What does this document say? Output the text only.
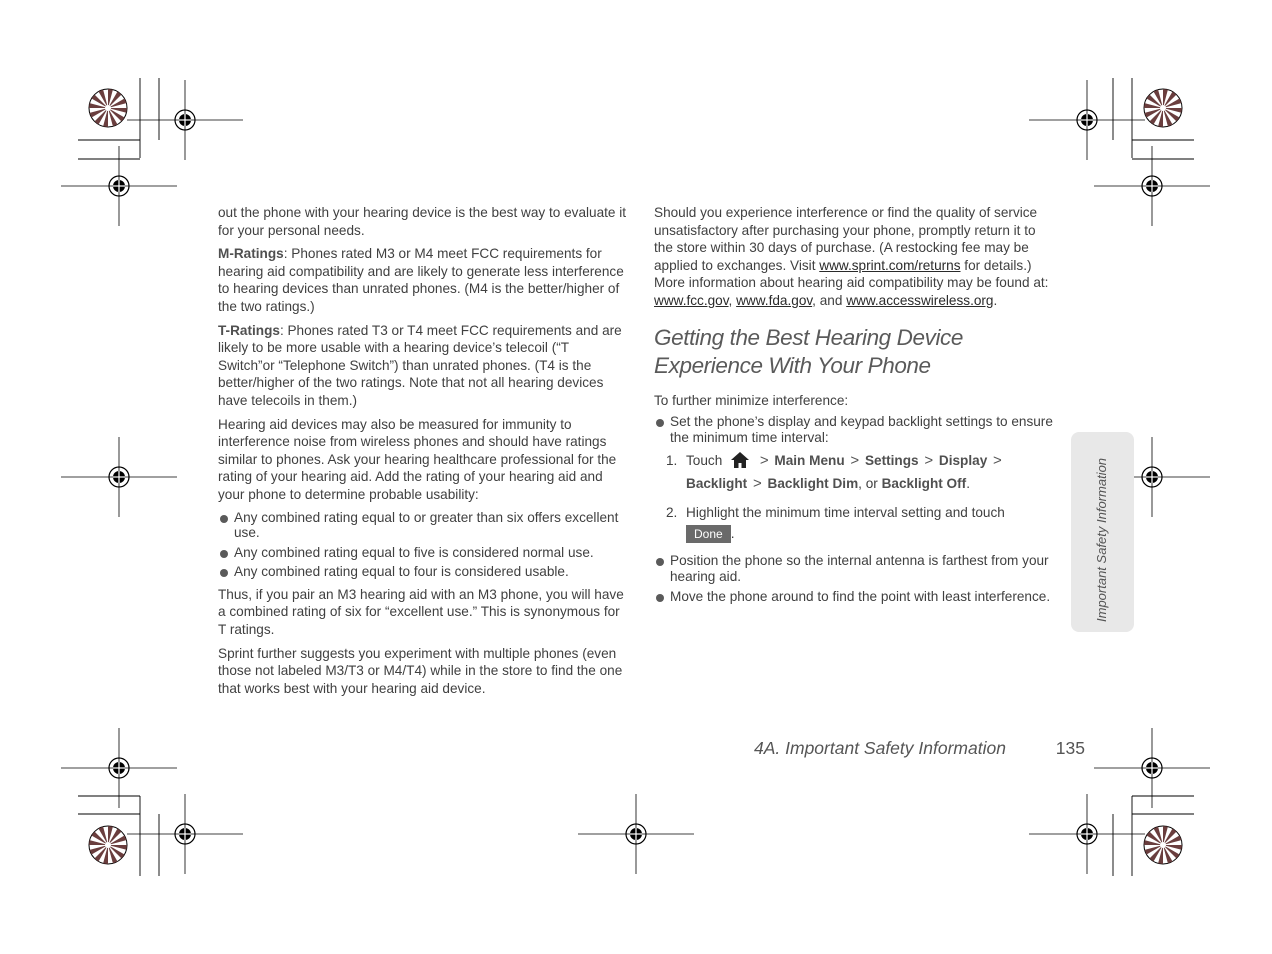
out the phone with your hearing device is the best way to evaluate it for your personal needs.

M-Ratings: Phones rated M3 or M4 meet FCC requirements for hearing aid compatibility and are likely to generate less interference to hearing devices than unrated phones. (M4 is the better/higher of the two ratings.)

T-Ratings: Phones rated T3 or T4 meet FCC requirements and are likely to be more usable with a hearing device’s telecoil (“T Switch”or “Telephone Switch”) than unrated phones. (T4 is the better/higher of the two ratings. Note that not all hearing devices have telecoils in them.)

Hearing aid devices may also be measured for immunity to interference noise from wireless phones and should have ratings similar to phones. Ask your hearing healthcare professional for the rating of your hearing aid. Add the rating of your hearing aid and your phone to determine probable usability:

Any combined rating equal to or greater than six offers excellent use.
Any combined rating equal to five is considered normal use.
Any combined rating equal to four is considered usable.

Thus, if you pair an M3 hearing aid with an M3 phone, you will have a combined rating of six for “excellent use.” This is synonymous for T ratings.

Sprint further suggests you experiment with multiple phones (even those not labeled M3/T3 or M4/T4) while in the store to find the one that works best with your hearing aid device.

Should you experience interference or find the quality of service unsatisfactory after purchasing your phone, promptly return it to the store within 30 days of purchase. (A restocking fee may be applied to exchanges. Visit www.sprint.com/returns for details.) More information about hearing aid compatibility may be found at: www.fcc.gov, www.fda.gov, and www.accesswireless.org.

Getting the Best Hearing Device
Experience With Your Phone

To further minimize interference:

Set the phone’s display and keypad backlight settings to ensure the minimum time interval:
1. Touch	> Main Menu > Settings > Display >
Backlight > Backlight Dim, or Backlight Off.
2. Highlight the minimum time interval setting and touch
Done .
Position the phone so the internal antenna is farthest from your hearing aid.
Move the phone around to find the point with least interference.	Important Safety Information
4A. Important Safety Information	135
